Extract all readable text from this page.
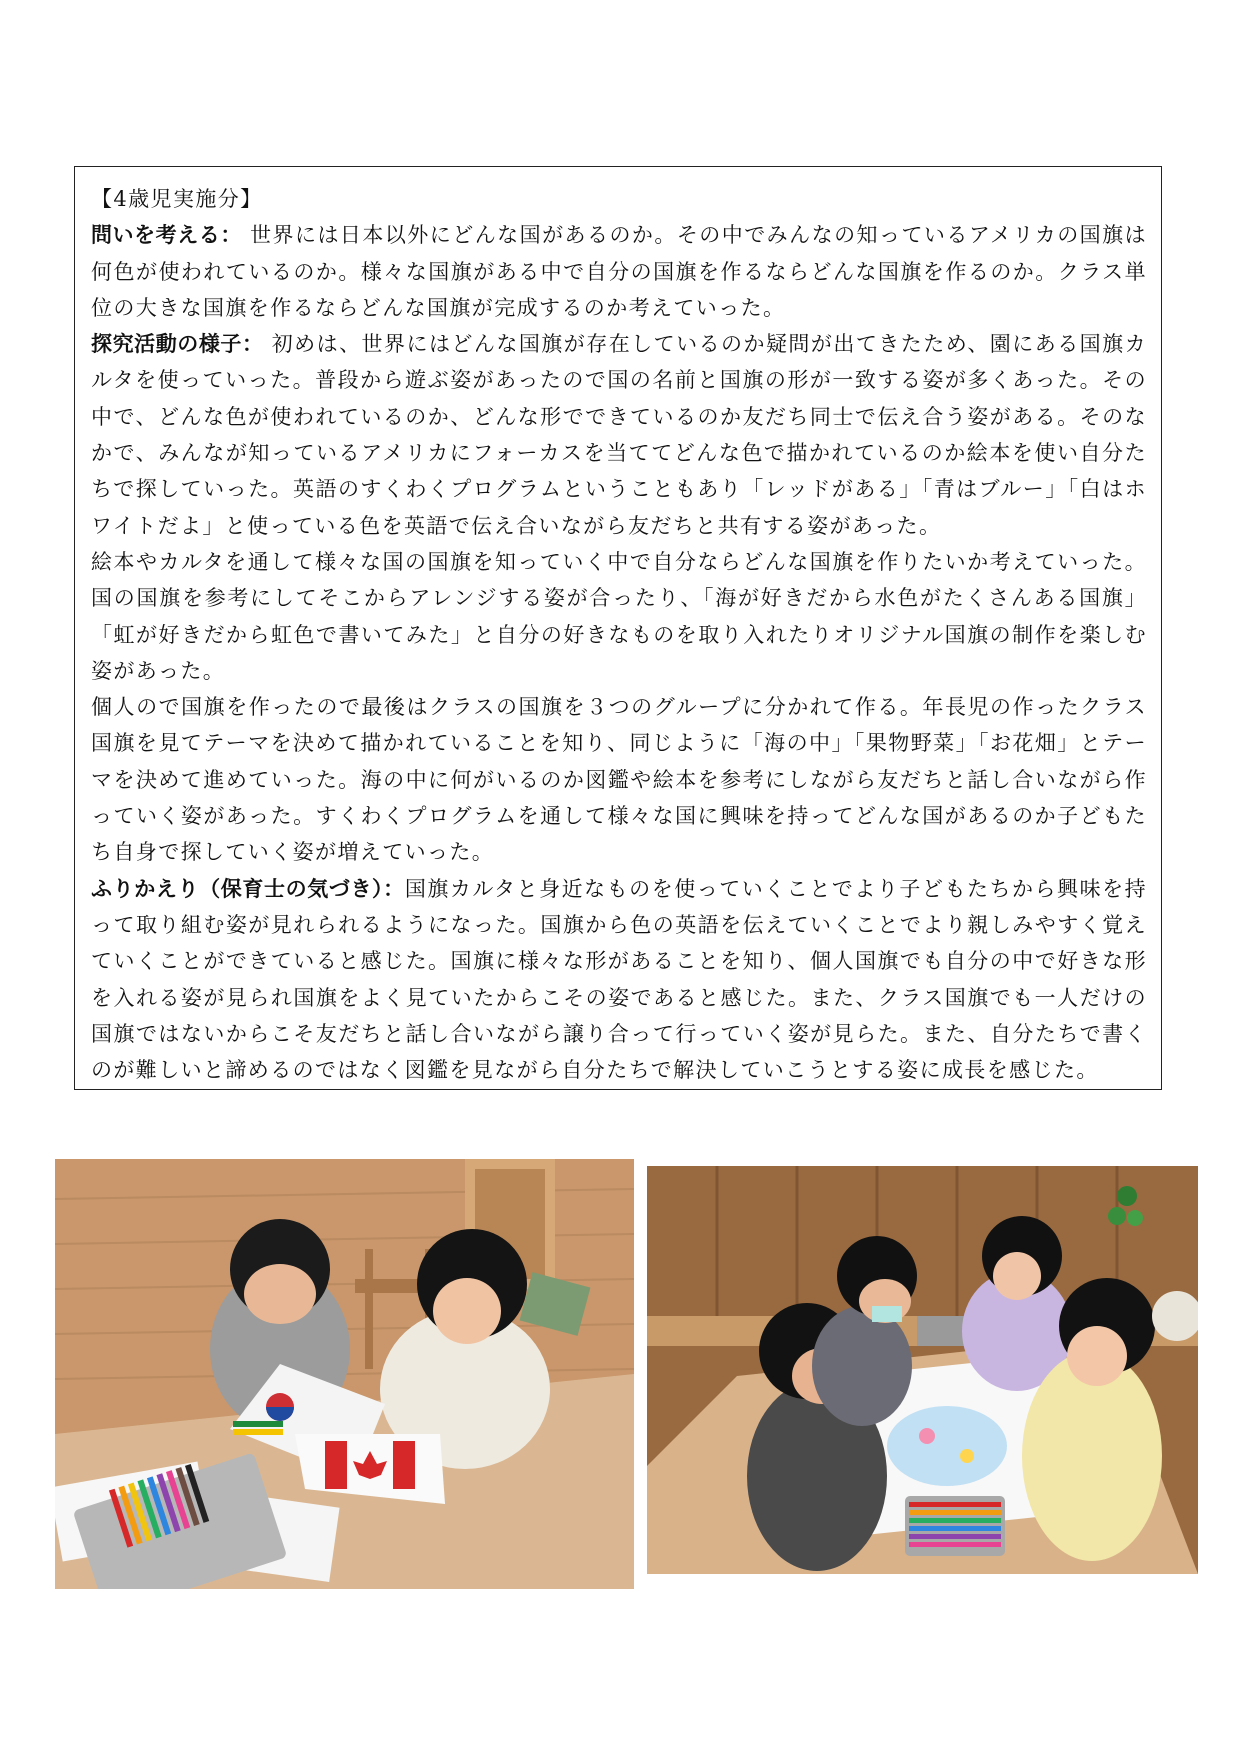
【4歳児実施分】

問いを考える： 世界には日本以外にどんな国があるのか。その中でみんなの知っているアメリカの国旗は何色が使われているのか。様々な国旗がある中で自分の国旗を作るならどんな国旗を作るのか。クラス単位の大きな国旗を作るならどんな国旗が完成するのか考えていった。

探究活動の様子： 初めは、世界にはどんな国旗が存在しているのか疑問が出てきたため、園にある国旗カルタを使っていった。普段から遊ぶ姿があったので国の名前と国旗の形が一致する姿が多くあった。その中で、どんな色が使われているのか、どんな形でできているのか友だち同士で伝え合う姿がある。そのなかで、みんなが知っているアメリカにフォーカスを当ててどんな色で描かれているのか絵本を使い自分たちで探していった。英語のすくわくプログラムということもあり「レッドがある」「青はブルー」「白はホワイトだよ」と使っている色を英語で伝え合いながら友だちと共有する姿があった。

絵本やカルタを通して様々な国の国旗を知っていく中で自分ならどんな国旗を作りたいか考えていった。国の国旗を参考にしてそこからアレンジする姿が合ったり、「海が好きだから水色がたくさんある国旗」「虹が好きだから虹色で書いてみた」と自分の好きなものを取り入れたりオリジナル国旗の制作を楽しむ姿があった。

個人ので国旗を作ったので最後はクラスの国旗を３つのグループに分かれて作る。年長児の作ったクラス国旗を見てテーマを決めて描かれていることを知り、同じように「海の中」「果物野菜」「お花畑」とテーマを決めて進めていった。海の中に何がいるのか図鑑や絵本を参考にしながら友だちと話し合いながら作っていく姿があった。すくわくプログラムを通して様々な国に興味を持ってどんな国があるのか子どもたち自身で探していく姿が増えていった。

ふりかえり（保育士の気づき）：国旗カルタと身近なものを使っていくことでより子どもたちから興味を持って取り組む姿が見れられるようになった。国旗から色の英語を伝えていくことでより親しみやすく覚えていくことができていると感じた。国旗に様々な形があることを知り、個人国旗でも自分の中で好きな形を入れる姿が見られ国旗をよく見ていたからこその姿であると感じた。また、クラス国旗でも一人だけの国旗ではないからこそ友だちと話し合いながら譲り合って行っていく姿が見らた。また、自分たちで書くのが難しいと諦めるのではなく図鑑を見ながら自分たちで解決していこうとする姿に成長を感じた。
